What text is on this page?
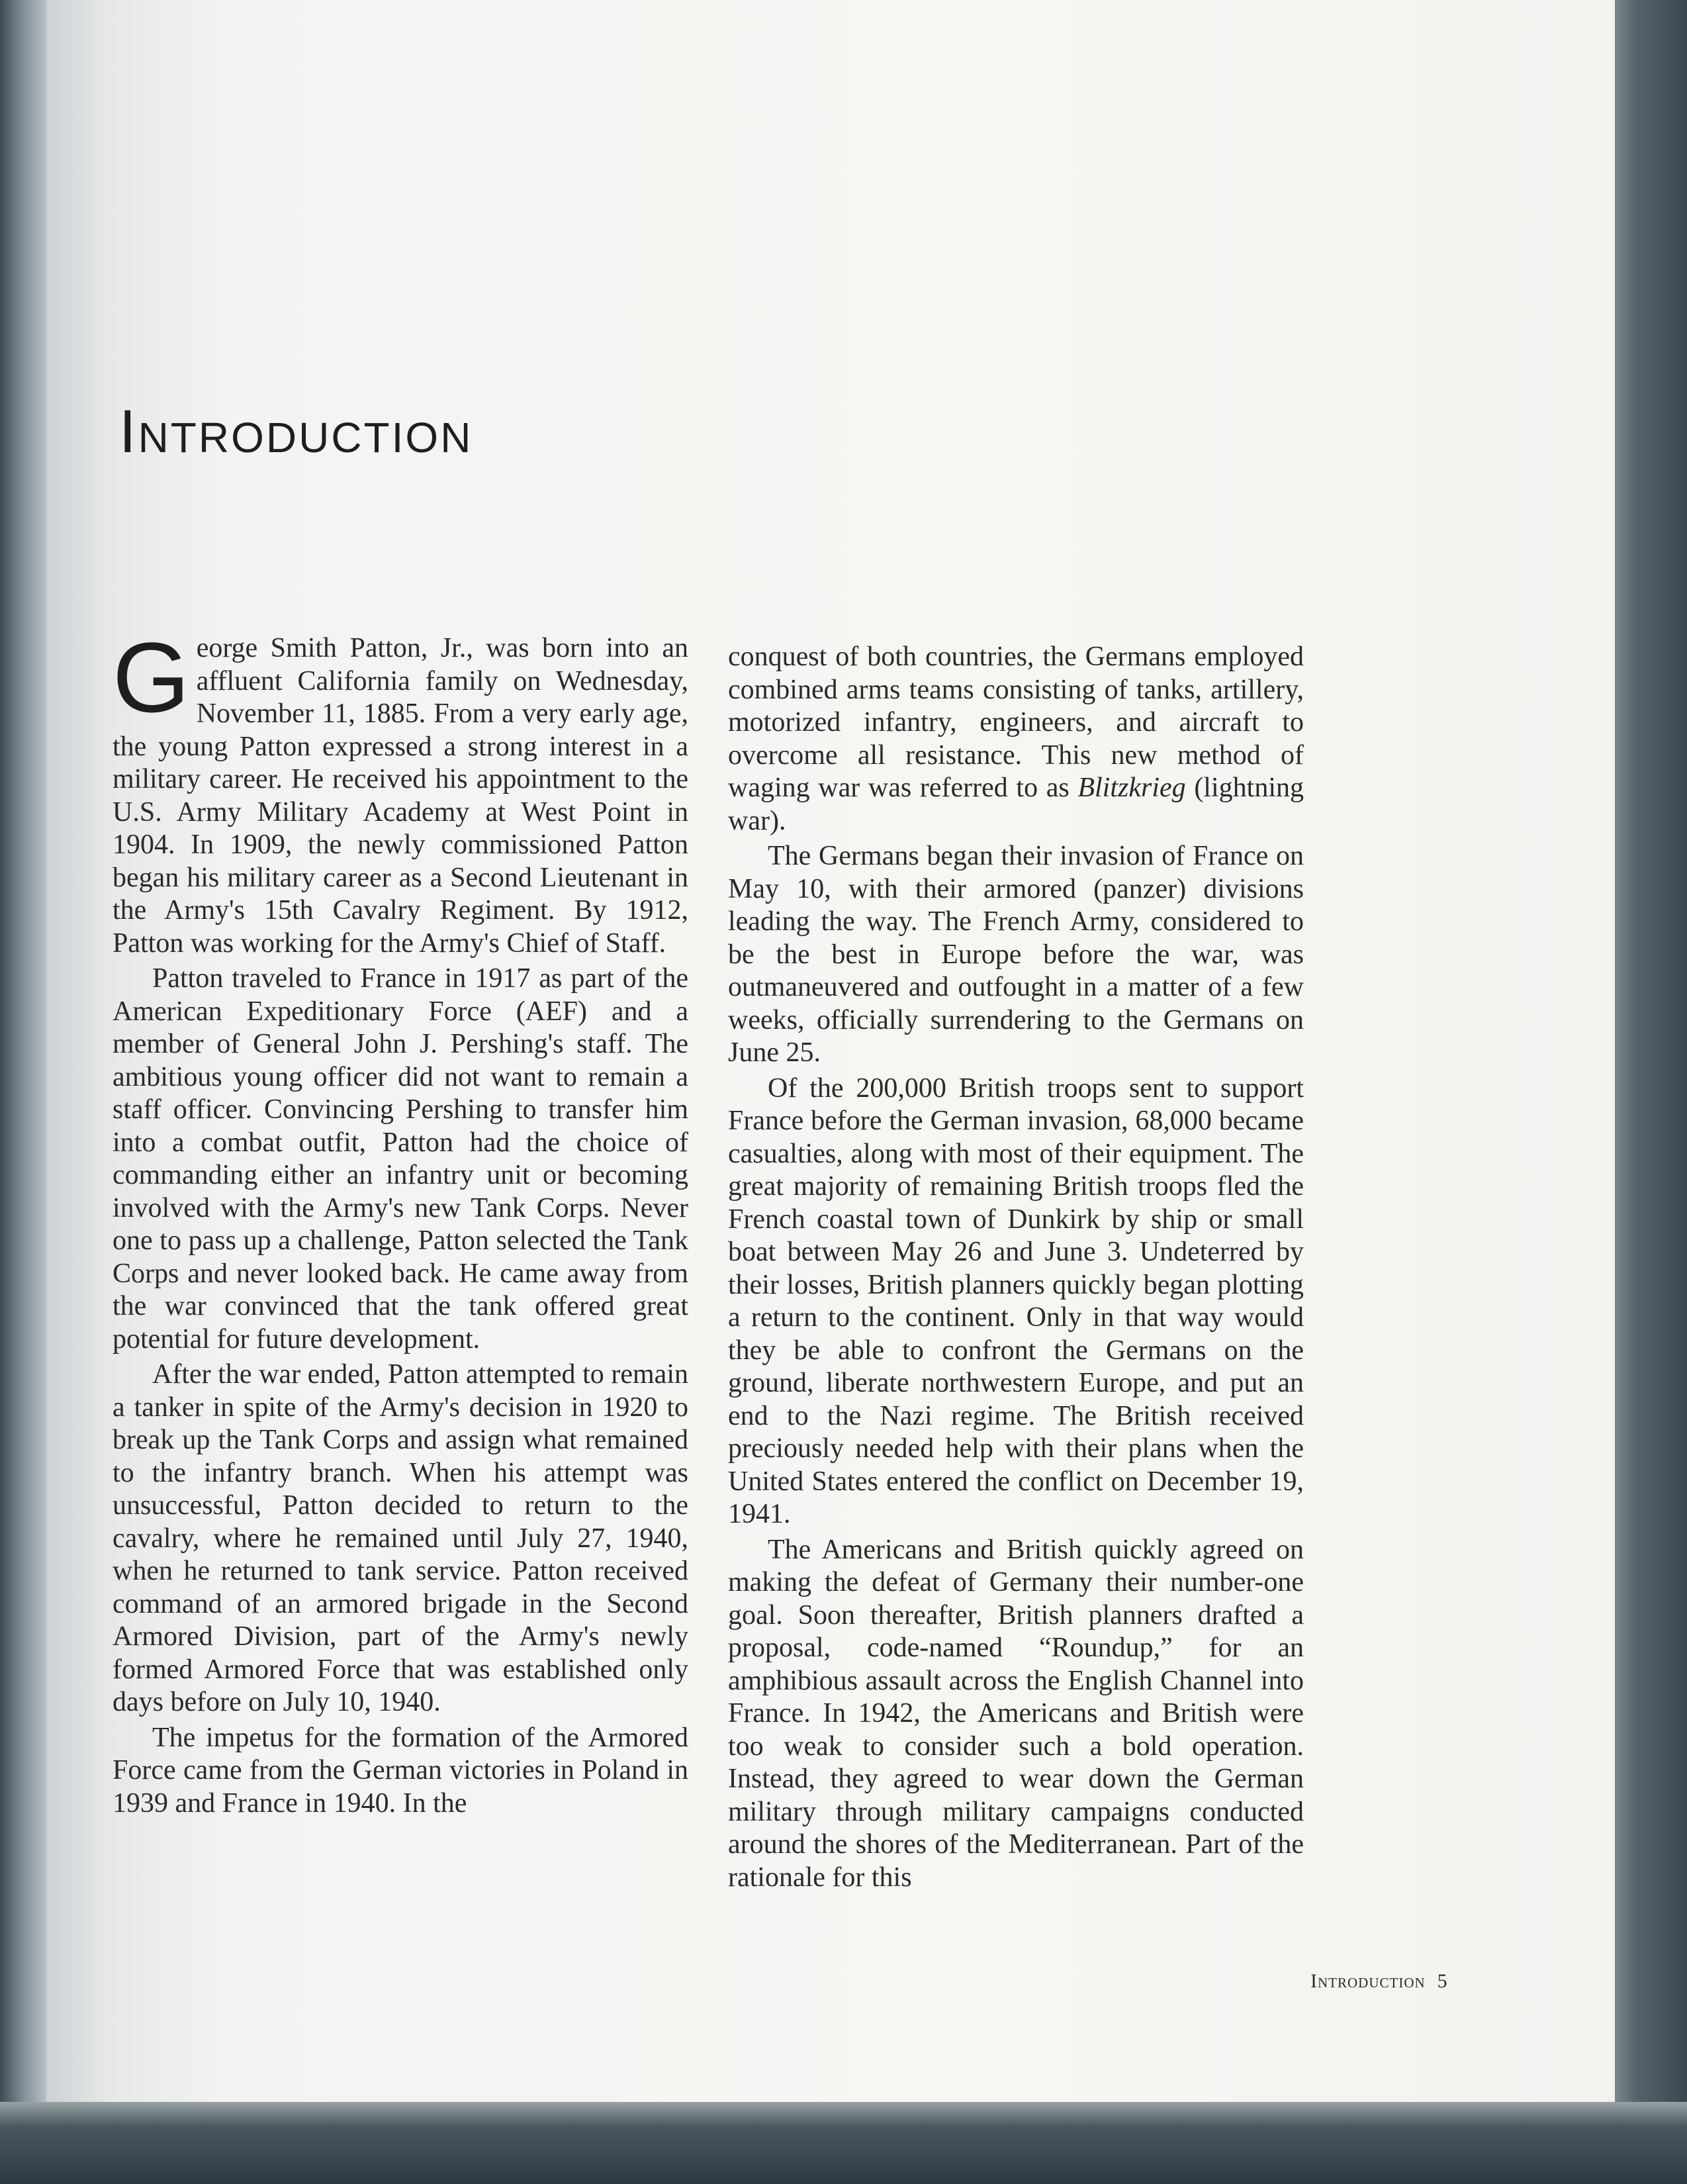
INTRODUCTION

George Smith Patton, Jr., was born into an affluent California family on Wednesday, November 11, 1885. From a very early age, the young Patton expressed a strong interest in a military career. He received his appointment to the U.S. Army Military Academy at West Point in 1904. In 1909, the newly commissioned Patton began his military career as a Second Lieutenant in the Army's 15th Cavalry Regiment. By 1912, Patton was working for the Army's Chief of Staff.

Patton traveled to France in 1917 as part of the American Expeditionary Force (AEF) and a member of General John J. Pershing's staff. The ambitious young officer did not want to remain a staff officer. Convincing Pershing to transfer him into a combat outfit, Patton had the choice of commanding either an infantry unit or becoming involved with the Army's new Tank Corps. Never one to pass up a challenge, Patton selected the Tank Corps and never looked back. He came away from the war convinced that the tank offered great potential for future development.

After the war ended, Patton attempted to remain a tanker in spite of the Army's decision in 1920 to break up the Tank Corps and assign what remained to the infantry branch. When his attempt was unsuccessful, Patton decided to return to the cavalry, where he remained until July 27, 1940, when he returned to tank service. Patton received command of an armored brigade in the Second Armored Division, part of the Army's newly formed Armored Force that was established only days before on July 10, 1940.

The impetus for the formation of the Armored Force came from the German victories in Poland in 1939 and France in 1940. In the

conquest of both countries, the Germans employed combined arms teams consisting of tanks, artillery, motorized infantry, engineers, and aircraft to overcome all resistance. This new method of waging war was referred to as Blitzkrieg (lightning war).

The Germans began their invasion of France on May 10, with their armored (panzer) divisions leading the way. The French Army, considered to be the best in Europe before the war, was outmaneuvered and outfought in a matter of a few weeks, officially surrendering to the Germans on June 25.

Of the 200,000 British troops sent to support France before the German invasion, 68,000 became casualties, along with most of their equipment. The great majority of remaining British troops fled the French coastal town of Dunkirk by ship or small boat between May 26 and June 3. Undeterred by their losses, British planners quickly began plotting a return to the continent. Only in that way would they be able to confront the Germans on the ground, liberate northwestern Europe, and put an end to the Nazi regime. The British received preciously needed help with their plans when the United States entered the conflict on December 19, 1941.

The Americans and British quickly agreed on making the defeat of Germany their number-one goal. Soon thereafter, British planners drafted a proposal, code-named “Roundup,” for an amphibious assault across the English Channel into France. In 1942, the Americans and British were too weak to consider such a bold operation. Instead, they agreed to wear down the German military through military campaigns conducted around the shores of the Mediterranean. Part of the rationale for this

Introduction 5
